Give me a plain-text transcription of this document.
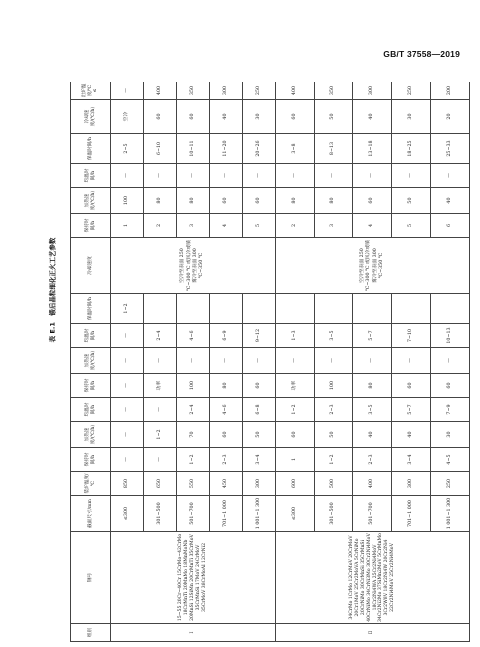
GB/T 37558—2019
表 E.1　锻后晶粒细化正火工艺参数
组别	钢号	截面尺寸/mm	装炉温度/℃	保持时间/h	加热速度/(℃/h)	均温时间/h	保持时间/h	加热速度/(℃/h)	均温时间/h	保温时间/h	冷却速度	保持时间/h	加热速度/(℃/h)	均温时间/h	保温时间/h	冷却速度/(℃/h)	出炉温度/℃ ≤
Ⅰ	15~55 20Cr~40Cr 15CrMo~42CrMo 18CrMnTi 20MnMo 18MnMoNb 20MnSi 12SiMn 20CrMnTi 35CrMoV 35CrMnSi 17MoV 24CrMoV 35CrMoV 38CrMoAl 12CrNi2	≤300	850	—	—	—	—	—	—	1~2	空冷至表面 250 ℃~300 ℃ 或风冷或喷雾冷至表面 300 ℃~350 ℃	1	100	—	2~5	空冷	—
		301~500	650	—	1~2	—	功率	—	2~4			2	80	—	6~10	60	400
		501~700	550	1~2	70	2~4	100	—	4~6			3	80	—	10~11	60	350
		701~1 000	450	2~3	60	4~6	80	—	6~9			4	60	—	11~20	40	300
		1 001~1 300	300	3~4	50	6~8	60	—	9~12			5	60	—	20~26	30	250
Ⅱ	34CrMo 1CrMo 12CrMoV 20CrMoV 20Cr1MoV 25Cr2MoVA 5CrNiMo 20CrNiMo 30CrMnSi 35CrMnSi 40CrNiMo 34CrNi3Mo 30Cr2Ni4MoV 18Cr2Ni4WA 25Cr2Ni4MoV 34Cr2Ni2Mo 37SiMn2MoV 5CrMnMo 3Cr2W8V 18Cr2Ni4W 20Cr2Ni4 22Cr2Ni4MoV 25Cr2Ni4MoV	≤300	600	1	60	1~2	功率	—	1~3		空冷至表面 250 ℃~300 ℃ 或风冷或喷雾冷至表面 300 ℃~350 ℃	2	80	—	3~8	60	400
		301~500	500	1~2	50	2~3	100	—	3~5			3	80	—	8~13	50	350
		501~700	400	2~3	40	3~5	80	—	5~7			4	60	—	13~18	40	300
		701~1 000	300	3~4	40	5~7	60	—	7~10			5	50	—	18~25	30	250
		1 001~1 300	250	4~5	30	7~9	60	—	10~13			6	40	—	25~33	20	200
